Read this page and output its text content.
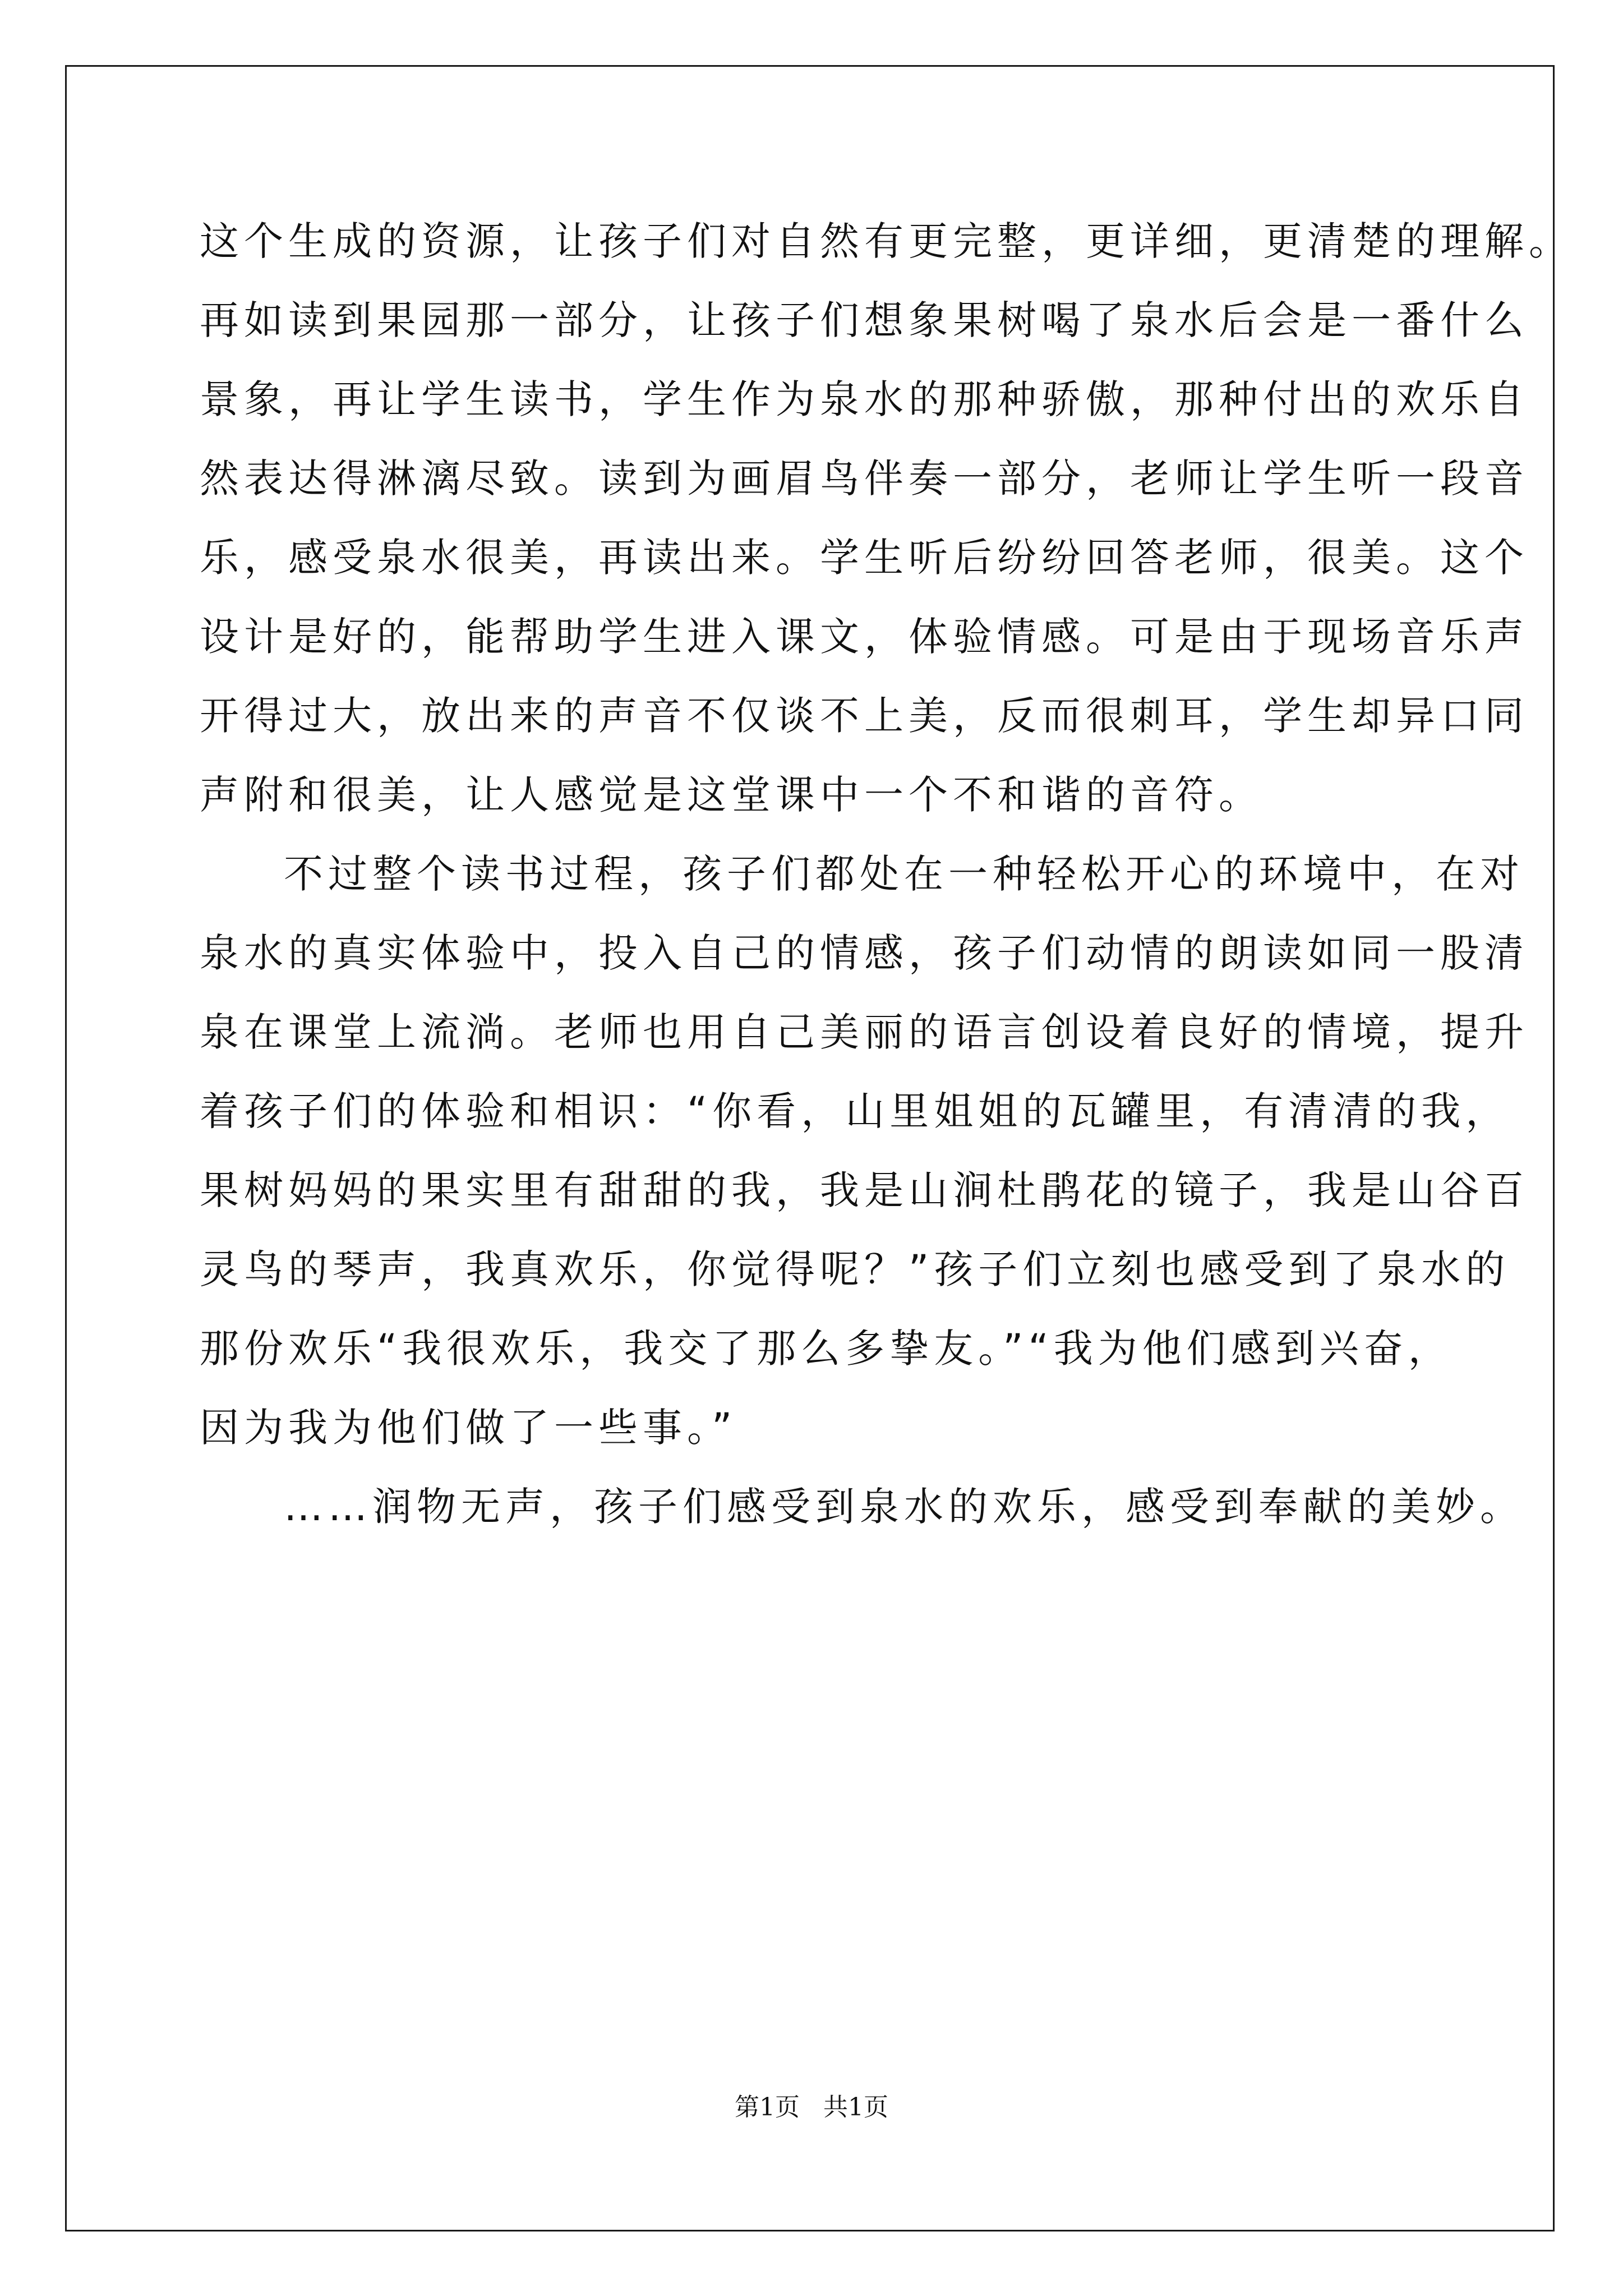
这个生成的资源，让孩子们对自然有更完整，更详细，更清楚的理解。
再如读到果园那一部分，让孩子们想象果树喝了泉水后会是一番什么
景象，再让学生读书，学生作为泉水的那种骄傲，那种付出的欢乐自
然表达得淋漓尽致。读到为画眉鸟伴奏一部分，老师让学生听一段音
乐，感受泉水很美，再读出来。学生听后纷纷回答老师，很美。这个
设计是好的，能帮助学生进入课文，体验情感。可是由于现场音乐声
开得过大，放出来的声音不仅谈不上美，反而很刺耳，学生却异口同
声附和很美，让人感觉是这堂课中一个不和谐的音符。
不过整个读书过程，孩子们都处在一种轻松开心的环境中，在对
泉水的真实体验中，投入自己的情感，孩子们动情的朗读如同一股清
泉在课堂上流淌。老师也用自己美丽的语言创设着良好的情境，提升
着孩子们的体验和相识：“你看，山里姐姐的瓦罐里，有清清的我，
果树妈妈的果实里有甜甜的我，我是山涧杜鹃花的镜子，我是山谷百
灵鸟的琴声，我真欢乐，你觉得呢？”孩子们立刻也感受到了泉水的
那份欢乐“我很欢乐，我交了那么多挚友。”“我为他们感到兴奋，
因为我为他们做了一些事。”
……润物无声，孩子们感受到泉水的欢乐，感受到奉献的美妙。
第1页 共1页
